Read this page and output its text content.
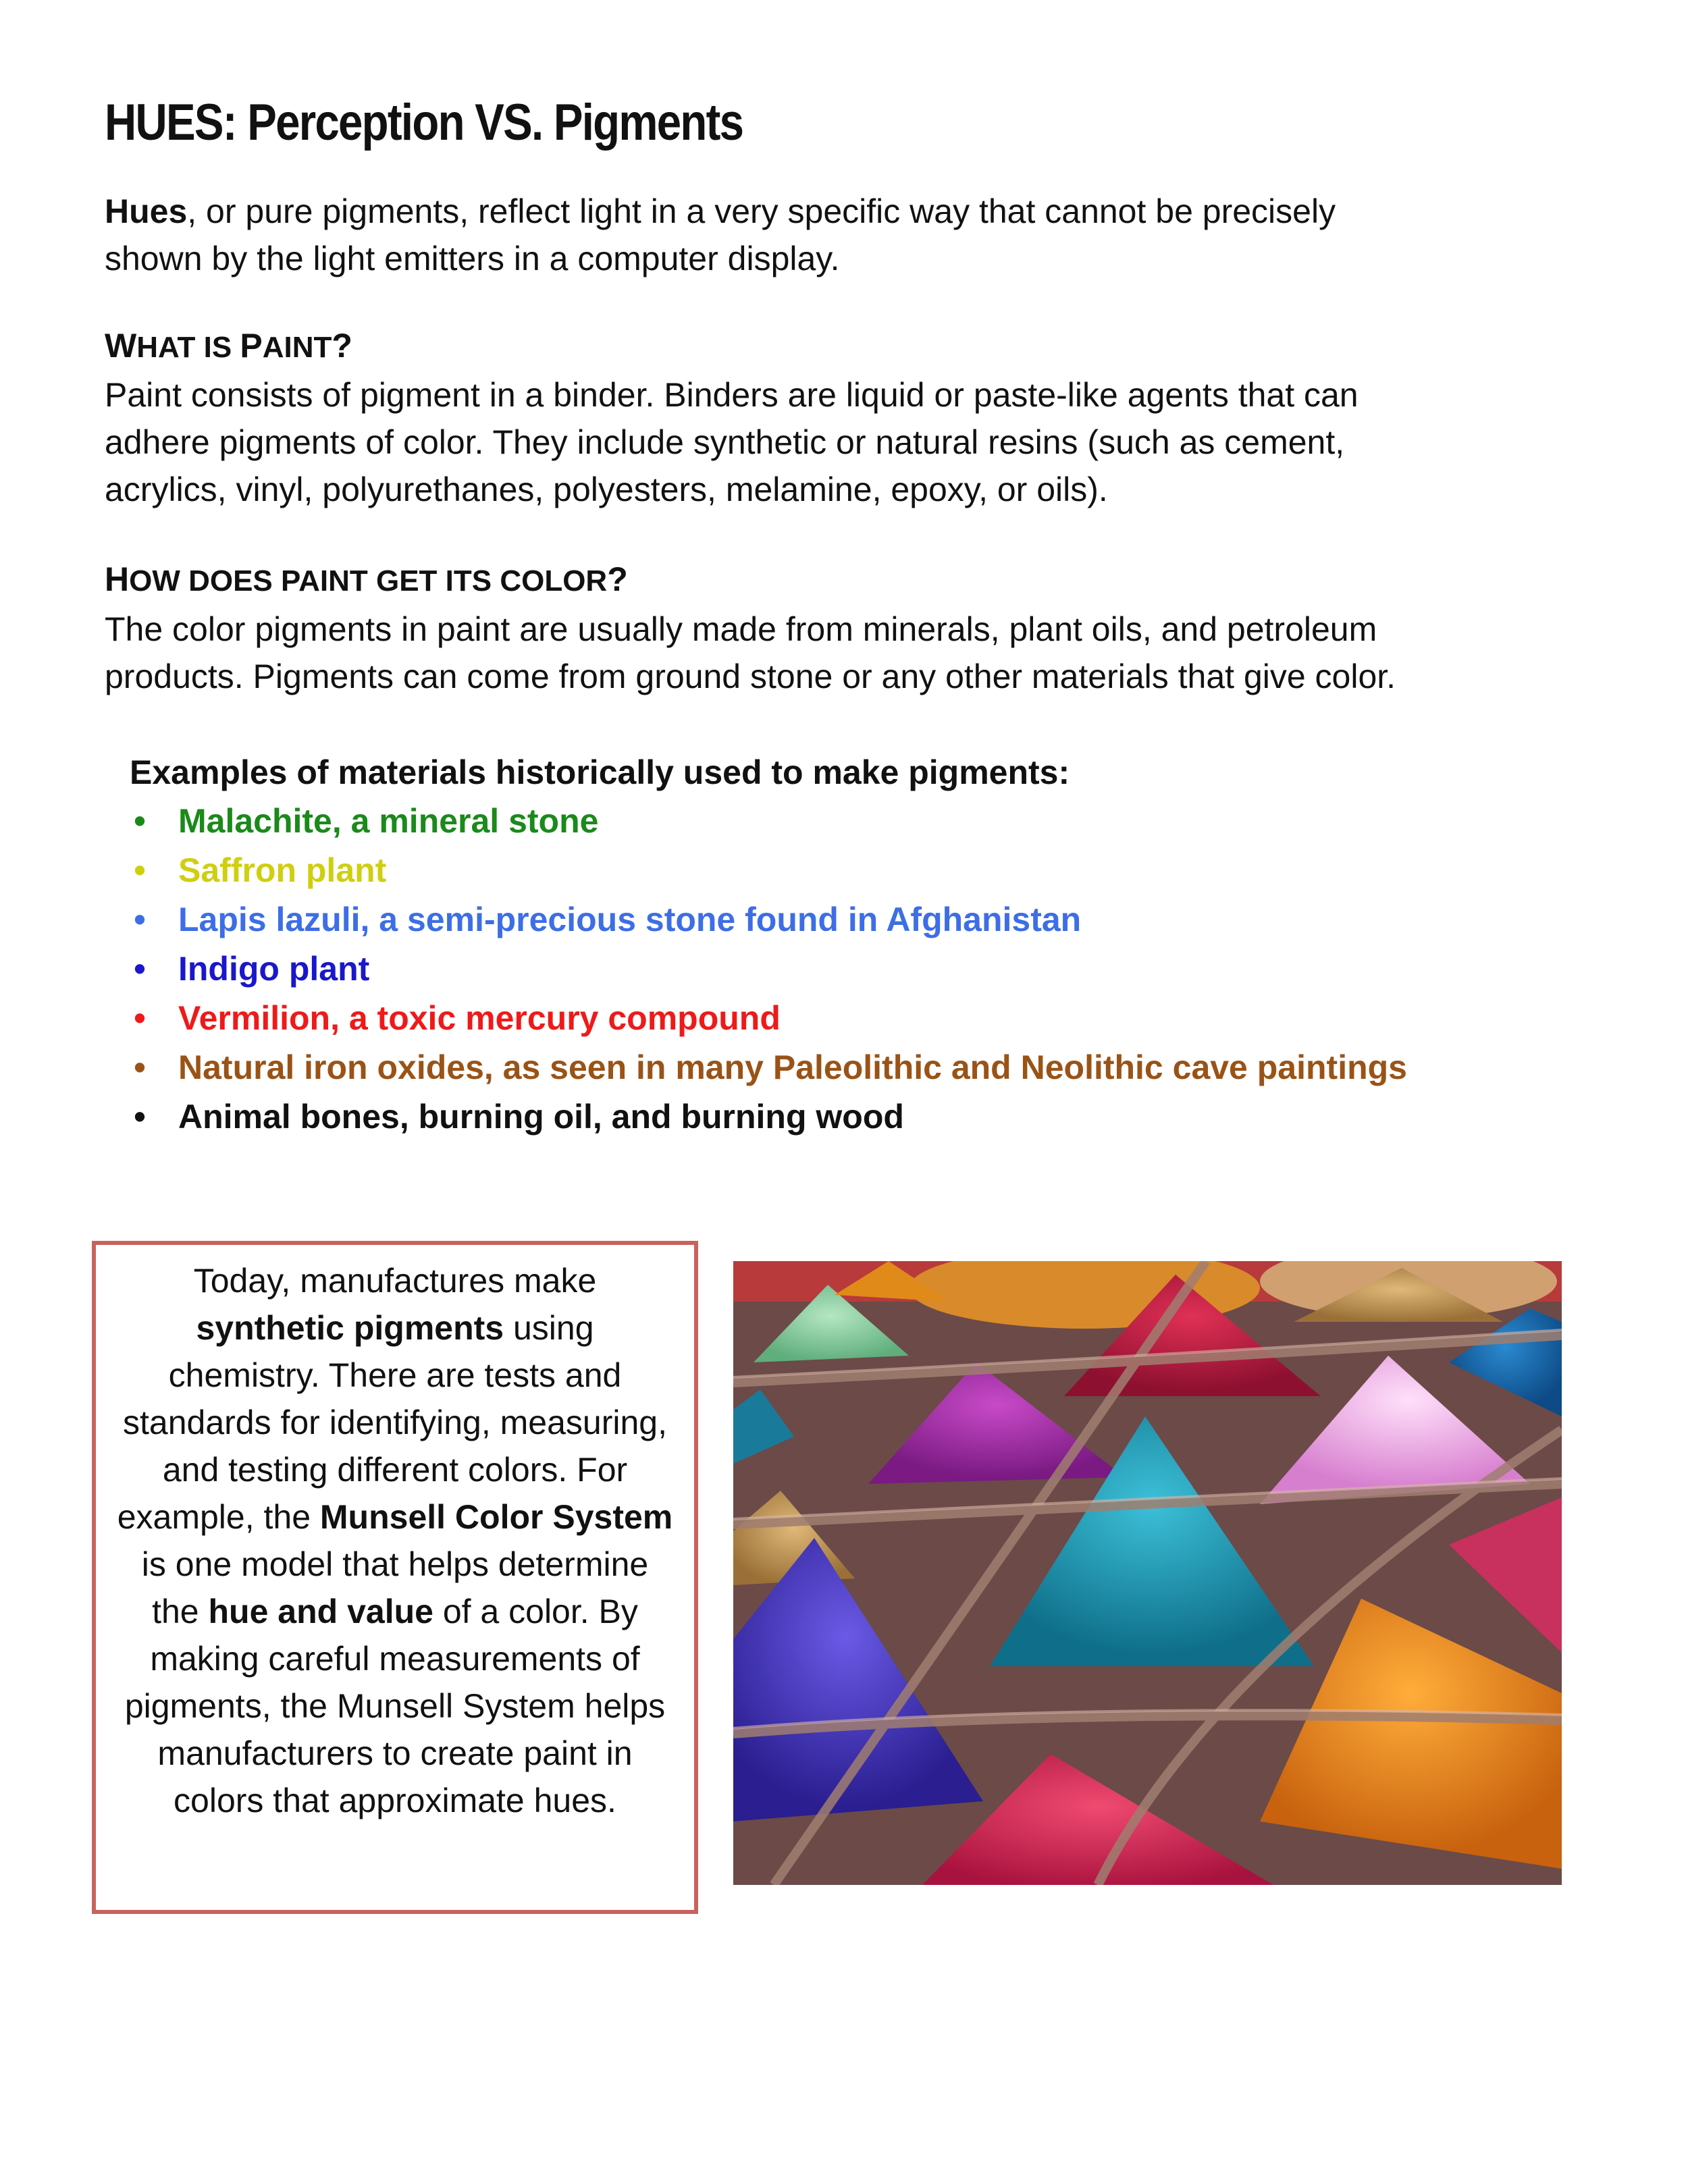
HUES: Perception VS. Pigments

Hues, or pure pigments, reflect light in a very specific way that cannot be precisely
shown by the light emitters in a computer display.

WHAT IS PAINT?

Paint consists of pigment in a binder. Binders are liquid or paste-like agents that can
adhere pigments of color. They include synthetic or natural resins (such as cement,
acrylics, vinyl, polyurethanes, polyesters, melamine, epoxy, or oils).

HOW DOES PAINT GET ITS COLOR?

The color pigments in paint are usually made from minerals, plant oils, and petroleum
products. Pigments can come from ground stone or any other materials that give color.

Examples of materials historically used to make pigments:

• Malachite, a mineral stone
• Saffron plant
• Lapis lazuli, a semi-precious stone found in Afghanistan
• Indigo plant
• Vermilion, a toxic mercury compound
• Natural iron oxides, as seen in many Paleolithic and Neolithic cave paintings
• Animal bones, burning oil, and burning wood

Today, manufactures make synthetic pigments using chemistry. There are tests and standards for identifying, measuring, and testing different colors. For example, the Munsell Color System is one model that helps determine the hue and value of a color. By making careful measurements of pigments, the Munsell System helps manufacturers to create paint in colors that approximate hues.
